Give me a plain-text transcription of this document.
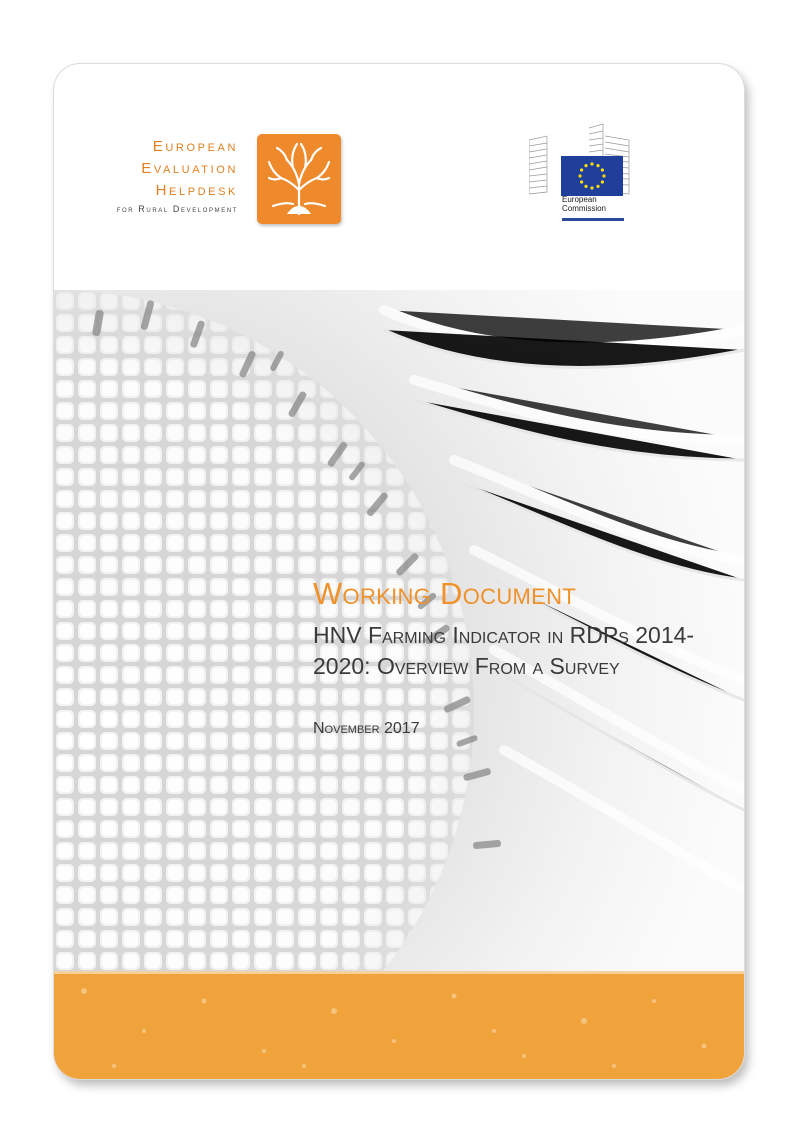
European
Evaluation
Helpdesk
for Rural Development
European
Commission
Working Document
HNV Farming Indicator in RDPs 2014-2020: Overview From a Survey
November 2017
